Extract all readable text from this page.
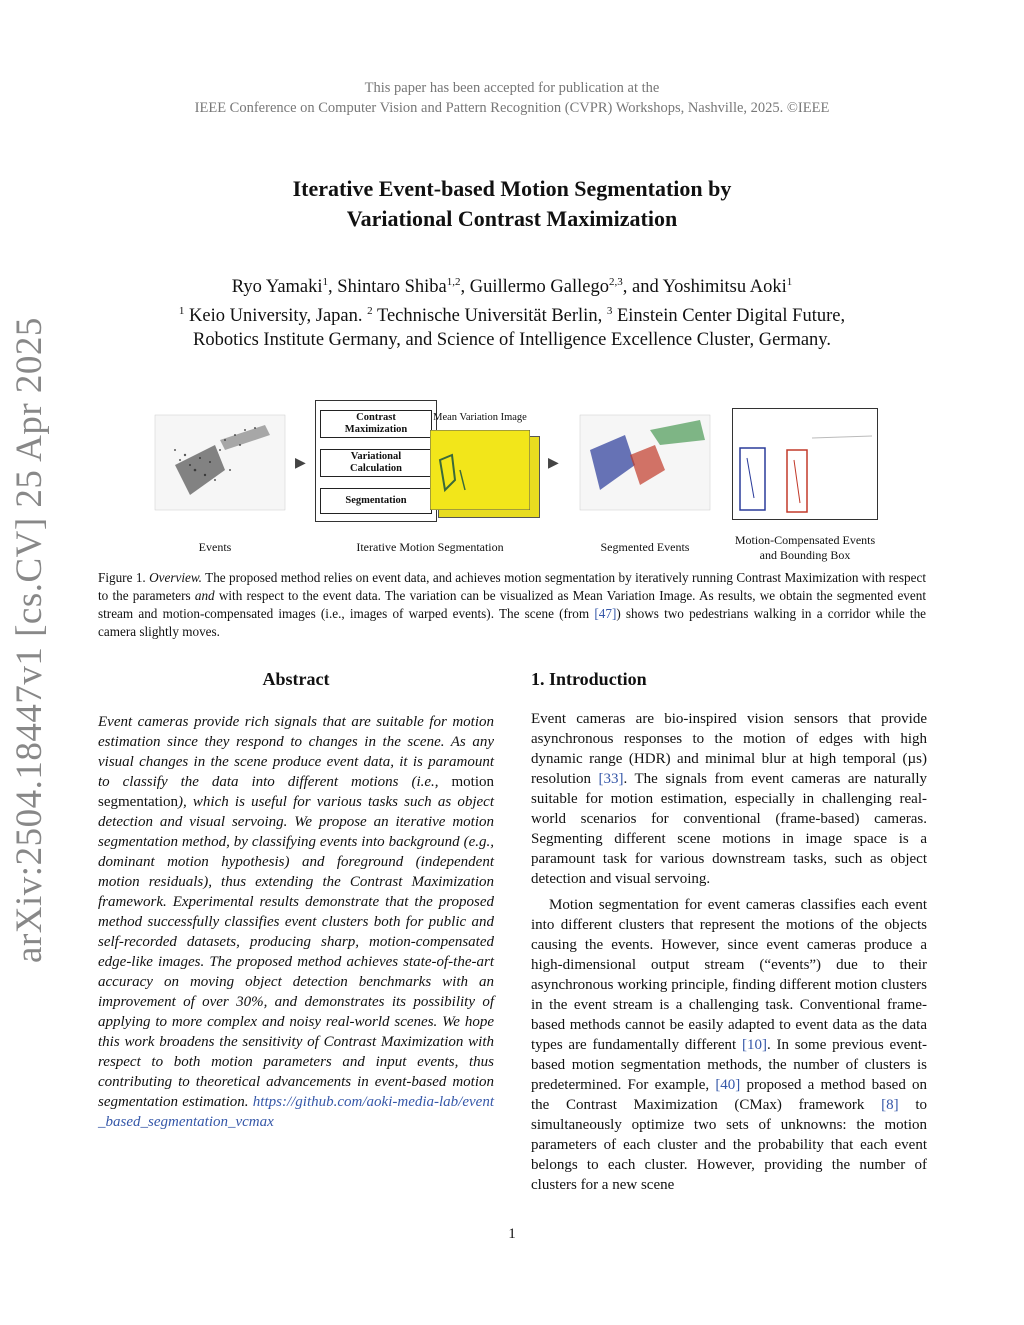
This paper has been accepted for publication at the
IEEE Conference on Computer Vision and Pattern Recognition (CVPR) Workshops, Nashville, 2025. ©IEEE
Iterative Event-based Motion Segmentation by
Variational Contrast Maximization
Ryo Yamaki$^1$, Shintaro Shiba$^{1,2}$, Guillermo Gallego$^{2,3}$, and Yoshimitsu Aoki$^1$
$^1$ Keio University, Japan. $^2$ Technische Universität Berlin, $^3$ Einstein Center Digital Future,
Robotics Institute Germany, and Science of Intelligence Excellence Cluster, Germany.
arXiv:2504.18447v1 [cs.CV] 25 Apr 2025	▶
Contrast
Maximization
Variational
Calculation
Segmentation
Mean Variation Image
▶
Events	Iterative Motion Segmentation	Segmented Events	Motion-Compensated Events
and Bounding Box
Figure 1. Overview. The proposed method relies on event data, and achieves motion segmentation by iteratively running Contrast Maximization with respect to the parameters and with respect to the event data. The variation can be visualized as Mean Variation Image. As results, we obtain the segmented event stream and motion-compensated images (i.e., images of warped events). The scene (from [47]) shows two pedestrians walking in a corridor while the camera slightly moves.
Abstract
Event cameras provide rich signals that are suitable for motion estimation since they respond to changes in the scene. As any visual changes in the scene produce event data, it is paramount to classify the data into different motions (i.e., motion segmentation), which is useful for various tasks such as object detection and visual servoing. We propose an iterative motion segmentation method, by classifying events into background (e.g., dominant motion hypothesis) and foreground (independent motion residuals), thus extending the Contrast Maximization framework. Experimental results demonstrate that the proposed method successfully classifies event clusters both for public and self-recorded datasets, producing sharp, motion-compensated edge-like images. The proposed method achieves state-of-the-art accuracy on moving object detection benchmarks with an improvement of over 30%, and demonstrates its possibility of applying to more complex and noisy real-world scenes. We hope this work broadens the sensitivity of Contrast Maximization with respect to both motion parameters and input events, thus contributing to theoretical advancements in event-based motion segmentation estimation. https://github.com/aoki-media-lab/event_based_segmentation_vcmax
1. Introduction

Event cameras are bio-inspired vision sensors that provide asynchronous responses to the motion of edges with high dynamic range (HDR) and minimal blur at high temporal (µs) resolution [33]. The signals from event cameras are naturally suitable for motion estimation, especially in challenging real-world scenarios for conventional (frame-based) cameras. Segmenting different scene motions in image space is a paramount task for various downstream tasks, such as object detection and visual servoing.

Motion segmentation for event cameras classifies each event into different clusters that represent the motions of the objects causing the events. However, since event cameras produce a high-dimensional output stream (“events”) due to their asynchronous working principle, finding different motion clusters in the event stream is a challenging task. Conventional frame-based methods cannot be easily adapted to event data as the data types are fundamentally different [10]. In some previous event-based motion segmentation methods, the number of clusters is predetermined. For example, [40] proposed a method based on the Contrast Maximization (CMax) framework [8] to simultaneously optimize two sets of unknowns: the motion parameters of each cluster and the probability that each event belongs to each cluster. However, providing the number of clusters for a new scene

1
